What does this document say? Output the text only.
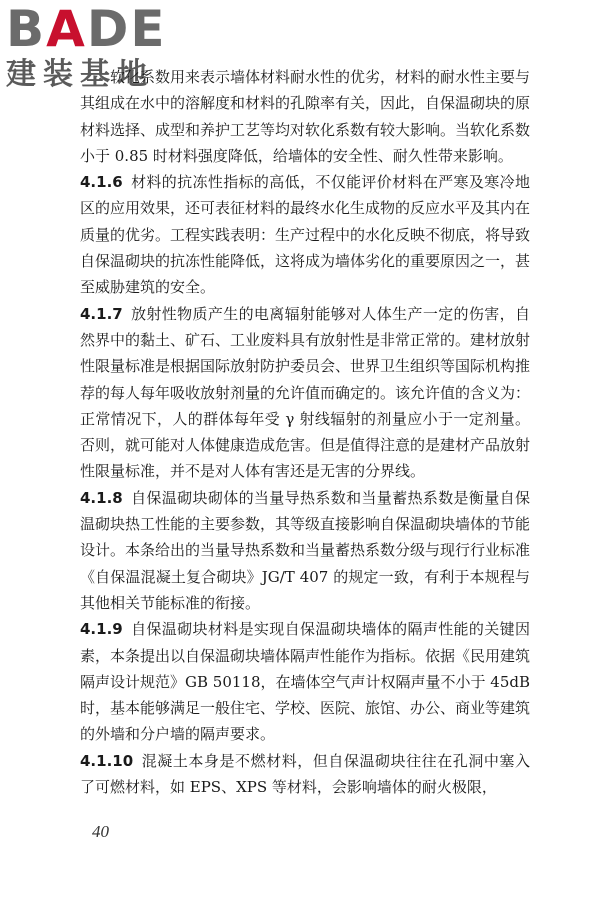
BADE
建装基地

软化系数用来表示墙体材料耐水性的优劣，材料的耐水性主要与其组成在水中的溶解度和材料的孔隙率有关，因此，自保温砌块的原材料选择、成型和养护工艺等均对软化系数有较大影响。当软化系数小于 0.85 时材料强度降低，给墙体的安全性、耐久性带来影响。

4.1.6 材料的抗冻性指标的高低，不仅能评价材料在严寒及寒冷地区的应用效果，还可表征材料的最终水化生成物的反应水平及其内在质量的优劣。工程实践表明：生产过程中的水化反映不彻底，将导致自保温砌块的抗冻性能降低，这将成为墙体劣化的重要原因之一，甚至威胁建筑的安全。

4.1.7 放射性物质产生的电离辐射能够对人体生产一定的伤害，自然界中的黏土、矿石、工业废料具有放射性是非常正常的。建材放射性限量标准是根据国际放射防护委员会、世界卫生组织等国际机构推荐的每人每年吸收放射剂量的允许值而确定的。该允许值的含义为：正常情况下，人的群体每年受 γ 射线辐射的剂量应小于一定剂量。否则，就可能对人体健康造成危害。但是值得注意的是建材产品放射性限量标准，并不是对人体有害还是无害的分界线。

4.1.8 自保温砌块砌体的当量导热系数和当量蓄热系数是衡量自保温砌块热工性能的主要参数，其等级直接影响自保温砌块墙体的节能设计。本条给出的当量导热系数和当量蓄热系数分级与现行行业标准《自保温混凝土复合砌块》JG/T 407 的规定一致，有利于本规程与其他相关节能标准的衔接。

4.1.9 自保温砌块材料是实现自保温砌块墙体的隔声性能的关键因素，本条提出以自保温砌块墙体隔声性能作为指标。依据《民用建筑隔声设计规范》GB 50118，在墙体空气声计权隔声量不小于 45dB 时，基本能够满足一般住宅、学校、医院、旅馆、办公、商业等建筑的外墙和分户墙的隔声要求。

4.1.10 混凝土本身是不燃材料，但自保温砌块往往在孔洞中塞入了可燃材料，如 EPS、XPS 等材料，会影响墙体的耐火极限，

40
